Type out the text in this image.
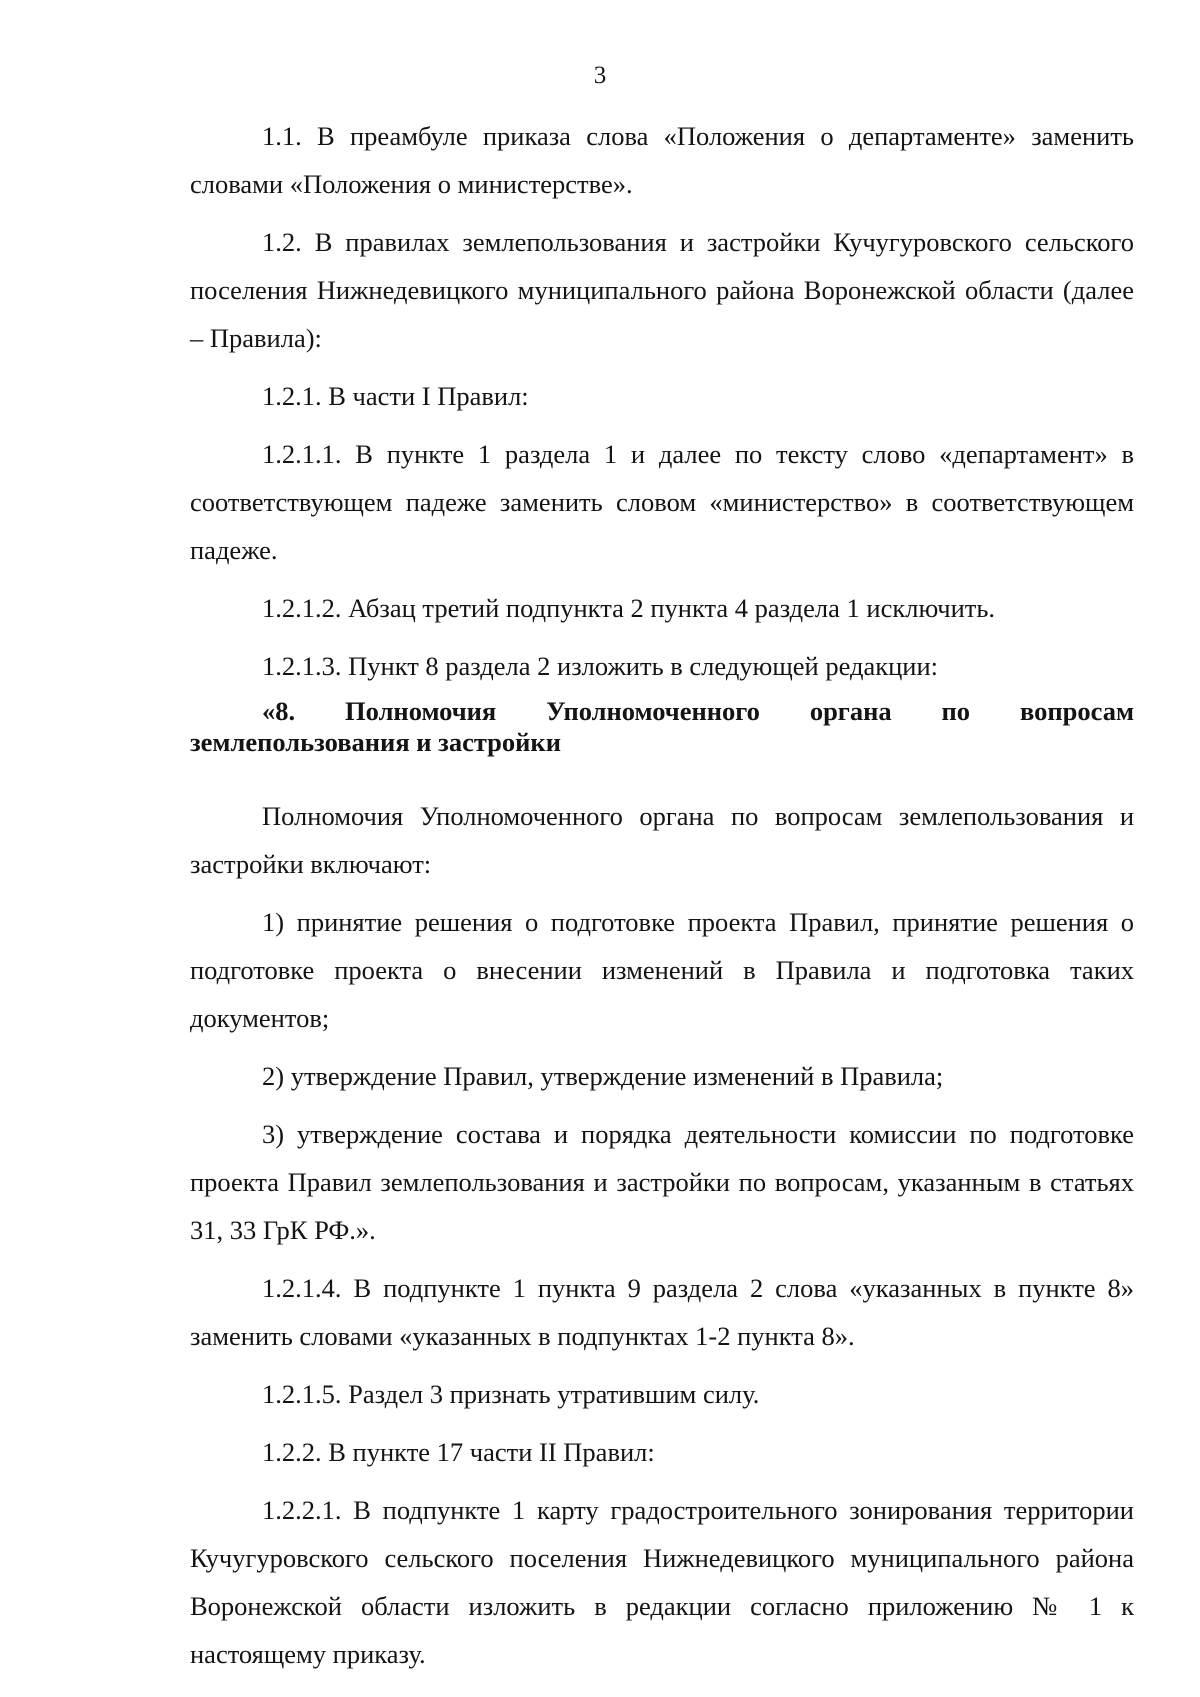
3

1.1. В преамбуле приказа слова «Положения о департаменте» заменить словами «Положения о министерстве».

1.2. В правилах землепользования и застройки Кучугуровского сельского поселения Нижнедевицкого муниципального района Воронежской области (далее – Правила):

1.2.1. В части I Правил:

1.2.1.1. В пункте 1 раздела 1 и далее по тексту слово «департамент» в соответствующем падеже заменить словом «министерство» в соответствующем падеже.

1.2.1.2. Абзац третий подпункта 2 пункта 4 раздела 1 исключить.

1.2.1.3. Пункт 8 раздела 2 изложить в следующей редакции:

«8. Полномочия Уполномоченного органа по вопросам землепользования и застройки

Полномочия Уполномоченного органа по вопросам землепользования и застройки включают:

1) принятие решения о подготовке проекта Правил, принятие решения о подготовке проекта о внесении изменений в Правила и подготовка таких документов;

2) утверждение Правил, утверждение изменений в Правила;

3) утверждение состава и порядка деятельности комиссии по подготовке проекта Правил землепользования и застройки по вопросам, указанным в статьях 31, 33 ГрК РФ.».

1.2.1.4. В подпункте 1 пункта 9 раздела 2 слова «указанных в пункте 8» заменить словами «указанных в подпунктах 1-2 пункта 8».

1.2.1.5. Раздел 3 признать утратившим силу.

1.2.2. В пункте 17 части II Правил:

1.2.2.1. В подпункте 1 карту градостроительного зонирования территории Кучугуровского сельского поселения Нижнедевицкого муниципального района Воронежской области изложить в редакции согласно приложению № 1 к настоящему приказу.
